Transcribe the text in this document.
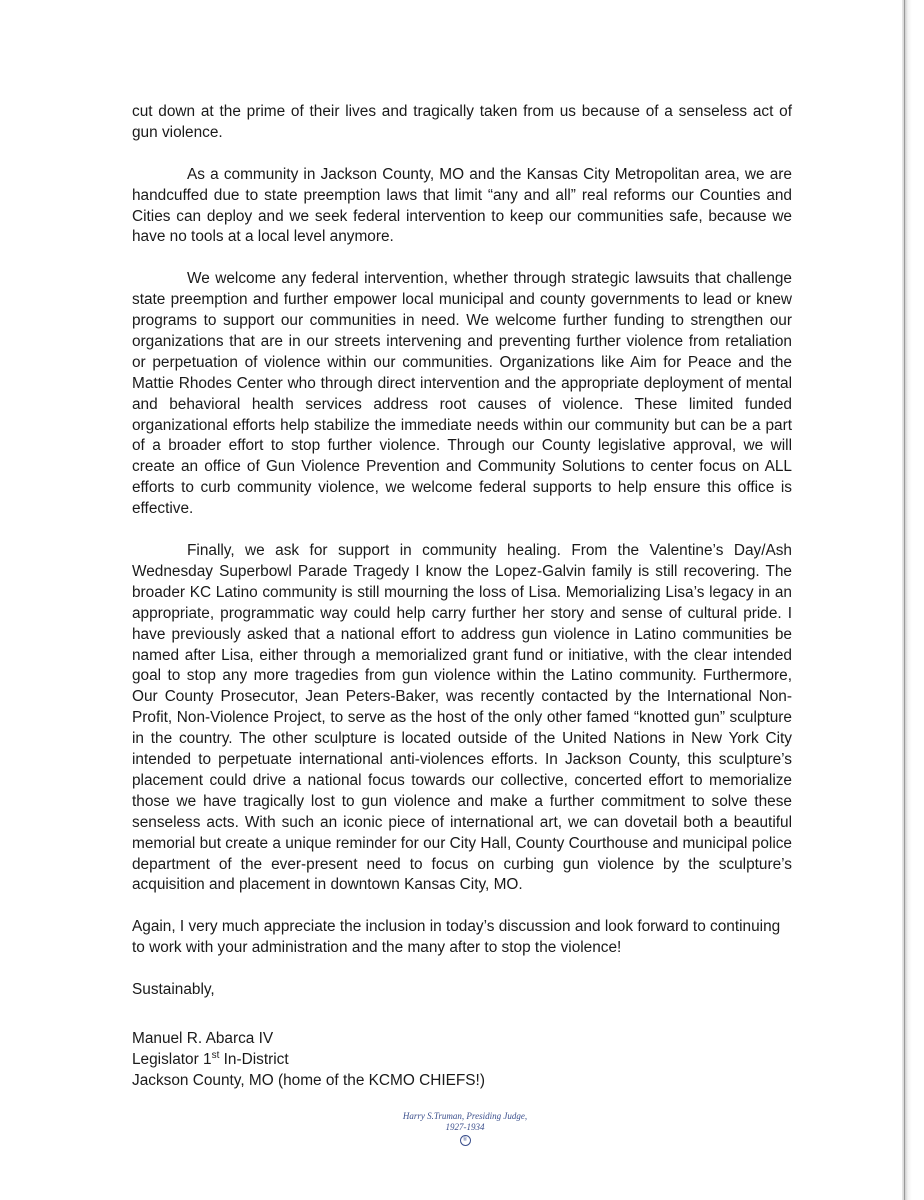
cut down at the prime of their lives and tragically taken from us because of a senseless act of gun violence.

As a community in Jackson County, MO and the Kansas City Metropolitan area, we are handcuffed due to state preemption laws that limit “any and all” real reforms our Counties and Cities can deploy and we seek federal intervention to keep our communities safe, because we have no tools at a local level anymore.

We welcome any federal intervention, whether through strategic lawsuits that challenge state preemption and further empower local municipal and county governments to lead or knew programs to support our communities in need. We welcome further funding to strengthen our organizations that are in our streets intervening and preventing further violence from retaliation or perpetuation of violence within our communities. Organizations like Aim for Peace and the Mattie Rhodes Center who through direct intervention and the appropriate deployment of mental and behavioral health services address root causes of violence. These limited funded organizational efforts help stabilize the immediate needs within our community but can be a part of a broader effort to stop further violence. Through our County legislative approval, we will create an office of Gun Violence Prevention and Community Solutions to center focus on ALL efforts to curb community violence, we welcome federal supports to help ensure this office is effective.

Finally, we ask for support in community healing. From the Valentine’s Day/Ash Wednesday Superbowl Parade Tragedy I know the Lopez-Galvin family is still recovering. The broader KC Latino community is still mourning the loss of Lisa. Memorializing Lisa’s legacy in an appropriate, programmatic way could help carry further her story and sense of cultural pride. I have previously asked that a national effort to address gun violence in Latino communities be named after Lisa, either through a memorialized grant fund or initiative, with the clear intended goal to stop any more tragedies from gun violence within the Latino community. Furthermore, Our County Prosecutor, Jean Peters-Baker, was recently contacted by the International Non-Profit, Non-Violence Project, to serve as the host of the only other famed “knotted gun” sculpture in the country. The other sculpture is located outside of the United Nations in New York City intended to perpetuate international anti-violences efforts. In Jackson County, this sculpture’s placement could drive a national focus towards our collective, concerted effort to memorialize those we have tragically lost to gun violence and make a further commitment to solve these senseless acts. With such an iconic piece of international art, we can dovetail both a beautiful memorial but create a unique reminder for our City Hall, County Courthouse and municipal police department of the ever-present need to focus on curbing gun violence by the sculpture’s acquisition and placement in downtown Kansas City, MO.

Again, I very much appreciate the inclusion in today’s discussion and look forward to continuing to work with your administration and the many after to stop the violence!

Sustainably,

Manuel R. Abarca IV
Legislator 1st In-District
Jackson County, MO (home of the KCMO CHIEFS!)
Harry S.Truman, Presiding Judge,
1927-1934
®
